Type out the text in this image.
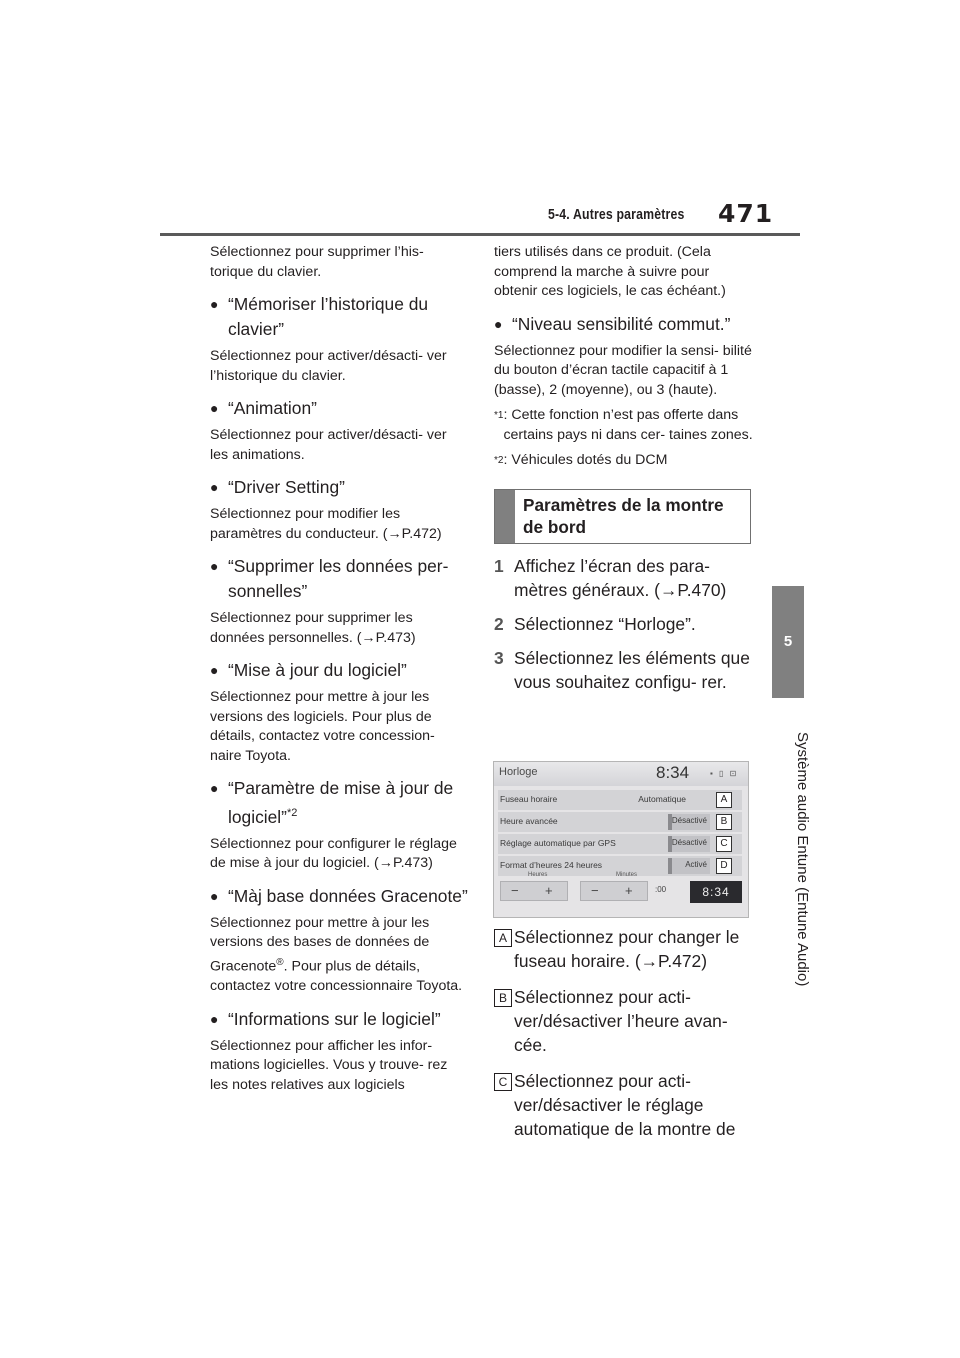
5-4. Autres paramètres 471
5
Système audio Entune (Entune Audio)
Sélectionnez pour supprimer l’his- torique du clavier.
● “Mémoriser l’historique du clavier”
Sélectionnez pour activer/désacti- ver l’historique du clavier.
● “Animation”
Sélectionnez pour activer/désacti- ver les animations.
● “Driver Setting”
Sélectionnez pour modifier les paramètres du conducteur. (→P.472)
● “Supprimer les données per- sonnelles”
Sélectionnez pour supprimer les données personnelles. (→P.473)
● “Mise à jour du logiciel”
Sélectionnez pour mettre à jour les versions des logiciels. Pour plus de détails, contactez votre concession- naire Toyota.
● “Paramètre de mise à jour de logiciel”$^{*2}$
Sélectionnez pour configurer le réglage de mise à jour du logiciel. (→P.473)
● “Màj base données Gracenote”
Sélectionnez pour mettre à jour les versions des bases de données de Gracenote®. Pour plus de détails, contactez votre concessionnaire Toyota.
● “Informations sur le logiciel”
Sélectionnez pour afficher les infor- mations logicielles. Vous y trouve- rez les notes relatives aux logiciels
tiers utilisés dans ce produit. (Cela comprend la marche à suivre pour obtenir ces logiciels, le cas échéant.)
● “Niveau sensibilité commut.”
Sélectionnez pour modifier la sensi- bilité du bouton d’écran tactile capacitif à 1 (basse), 2 (moyenne), ou 3 (haute).
*1 : Cette fonction n’est pas offerte dans certains pays ni dans cer- taines zones.
*2 : Véhicules dotés du DCM
Paramètres de la montre de bord
1 Affichez l’écran des para- mètres généraux. (→P.470)
2 Sélectionnez “Horloge”.
3 Sélectionnez les éléments que vous souhaitez configu- rer.
Horloge	8:34	▪ ▯ ⊡
Fuseau horaire	Automatique	A
Heure avancée	Désactivé	B
Réglage automatique par GPS	Désactivé	C
Format d’heures 24 heures	Activé	D
Heures	Minutes
− +	− +	:00	8:34
A Sélectionnez pour changer le fuseau horaire. (→P.472)
B Sélectionnez pour acti- ver/désactiver l’heure avan- cée.
C Sélectionnez pour acti- ver/désactiver le réglage automatique de la montre de
